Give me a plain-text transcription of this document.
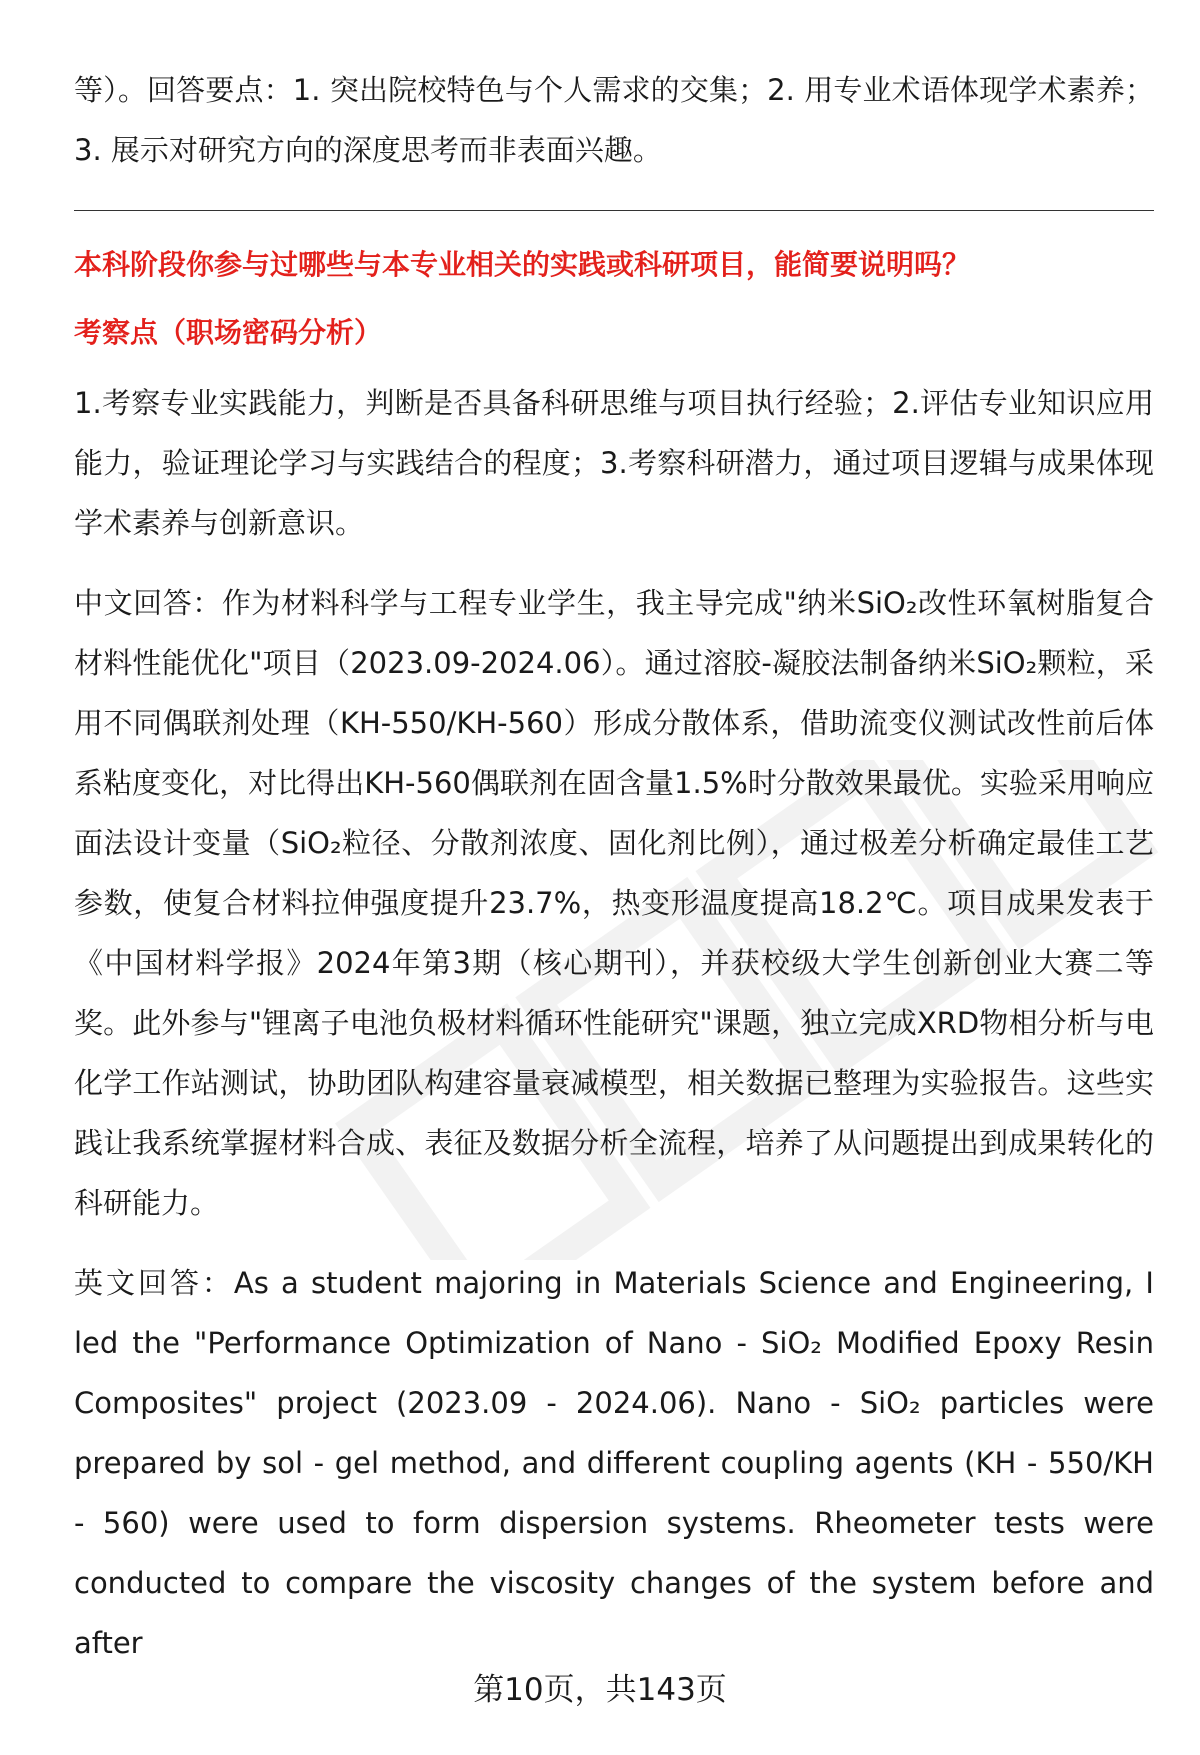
等）。回答要点：1. 突出院校特色与个人需求的交集；2. 用专业术语体现学术素养；3. 展示对研究方向的深度思考而非表面兴趣。

本科阶段你参与过哪些与本专业相关的实践或科研项目，能简要说明吗？

考察点（职场密码分析）

1.考察专业实践能力，判断是否具备科研思维与项目执行经验；2.评估专业知识应用能力，验证理论学习与实践结合的程度；3.考察科研潜力，通过项目逻辑与成果体现学术素养与创新意识。

中文回答：作为材料科学与工程专业学生，我主导完成"纳米SiO₂改性环氧树脂复合材料性能优化"项目（2023.09-2024.06）。通过溶胶-凝胶法制备纳米SiO₂颗粒，采用不同偶联剂处理（KH-550/KH-560）形成分散体系，借助流变仪测试改性前后体系粘度变化，对比得出KH-560偶联剂在固含量1.5%时分散效果最优。实验采用响应面法设计变量（SiO₂粒径、分散剂浓度、固化剂比例），通过极差分析确定最佳工艺参数，使复合材料拉伸强度提升23.7%，热变形温度提高18.2℃。项目成果发表于《中国材料学报》2024年第3期（核心期刊），并获校级大学生创新创业大赛二等奖。此外参与"锂离子电池负极材料循环性能研究"课题，独立完成XRD物相分析与电化学工作站测试，协助团队构建容量衰减模型，相关数据已整理为实验报告。这些实践让我系统掌握材料合成、表征及数据分析全流程，培养了从问题提出到成果转化的科研能力。

英文回答：As a student majoring in Materials Science and Engineering, I led the "Performance Optimization of Nano - SiO₂ Modified Epoxy Resin Composites" project (2023.09 - 2024.06). Nano - SiO₂ particles were prepared by sol - gel method, and different coupling agents (KH - 550/KH - 560) were used to form dispersion systems. Rheometer tests were conducted to compare the viscosity changes of the system before and after

第10页，共143页
